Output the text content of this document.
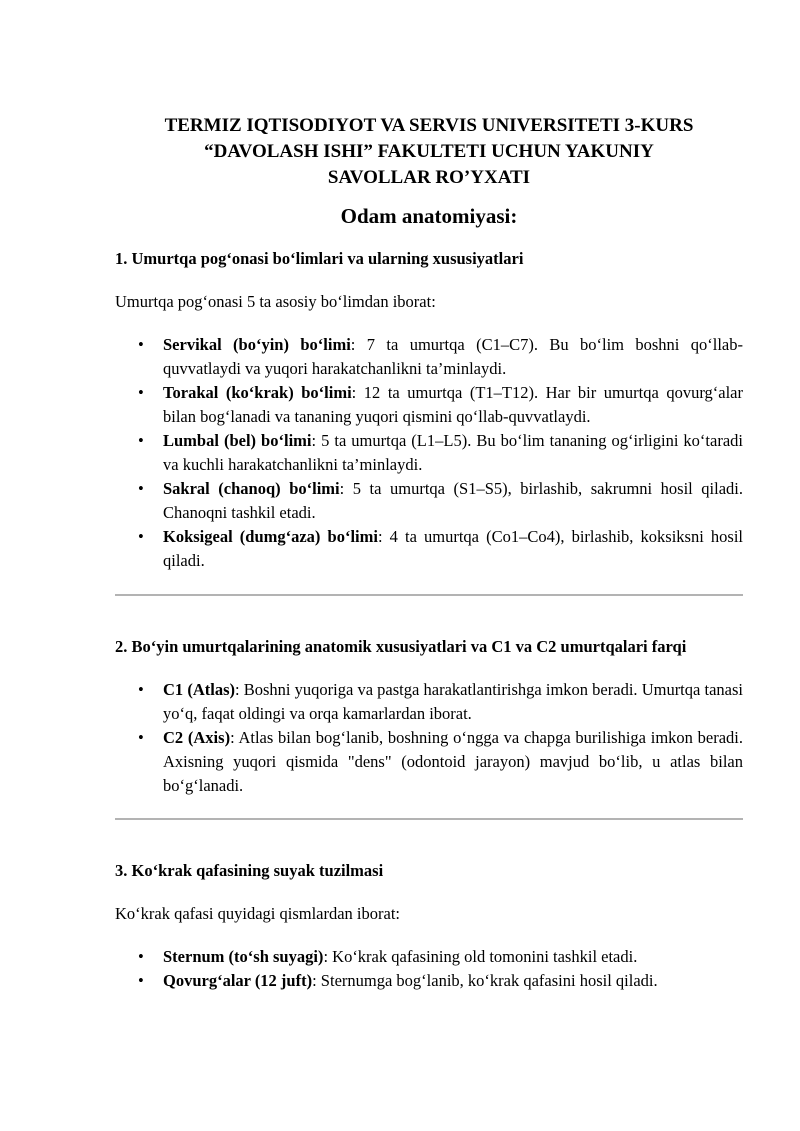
TERMIZ IQTISODIYOT VA SERVIS UNIVERSITETI 3-KURS
“DAVOLASH ISHI” FAKULTETI UCHUN YAKUNIY
SAVOLLAR RO’YXATI
Odam anatomiyasi:

1. Umurtqa pog‘onasi bo‘limlari va ularning xususiyatlari

Umurtqa pog‘onasi 5 ta asosiy bo‘limdan iborat:

• Servikal (bo‘yin) bo‘limi: 7 ta umurtqa (C1–C7). Bu bo‘lim boshni qo‘llab-quvvatlaydi va yuqori harakatchanlikni ta’minlaydi.
• Torakal (ko‘krak) bo‘limi: 12 ta umurtqa (T1–T12). Har bir umurtqa qovurg‘alar bilan bog‘lanadi va tananing yuqori qismini qo‘llab-quvvatlaydi.
• Lumbal (bel) bo‘limi: 5 ta umurtqa (L1–L5). Bu bo‘lim tananing og‘irligini ko‘taradi va kuchli harakatchanlikni ta’minlaydi.
• Sakral (chanoq) bo‘limi: 5 ta umurtqa (S1–S5), birlashib, sakrumni hosil qiladi. Chanoqni tashkil etadi.
• Koksigeal (dumg‘aza) bo‘limi: 4 ta umurtqa (Co1–Co4), birlashib, koksiksni hosil qiladi.

2. Bo‘yin umurtqalarining anatomik xususiyatlari va C1 va C2 umurtqalari farqi

• C1 (Atlas): Boshni yuqoriga va pastga harakatlantirishga imkon beradi. Umurtqa tanasi yo‘q, faqat oldingi va orqa kamarlardan iborat.
• C2 (Axis): Atlas bilan bog‘lanib, boshning o‘ngga va chapga burilishiga imkon beradi. Axisning yuqori qismida "dens" (odontoid jarayon) mavjud bo‘lib, u atlas bilan bo‘g‘lanadi.

3. Ko‘krak qafasining suyak tuzilmasi

Ko‘krak qafasi quyidagi qismlardan iborat:

• Sternum (to‘sh suyagi): Ko‘krak qafasining old tomonini tashkil etadi.
• Qovurg‘alar (12 juft): Sternumga bog‘lanib, ko‘krak qafasini hosil qiladi.
